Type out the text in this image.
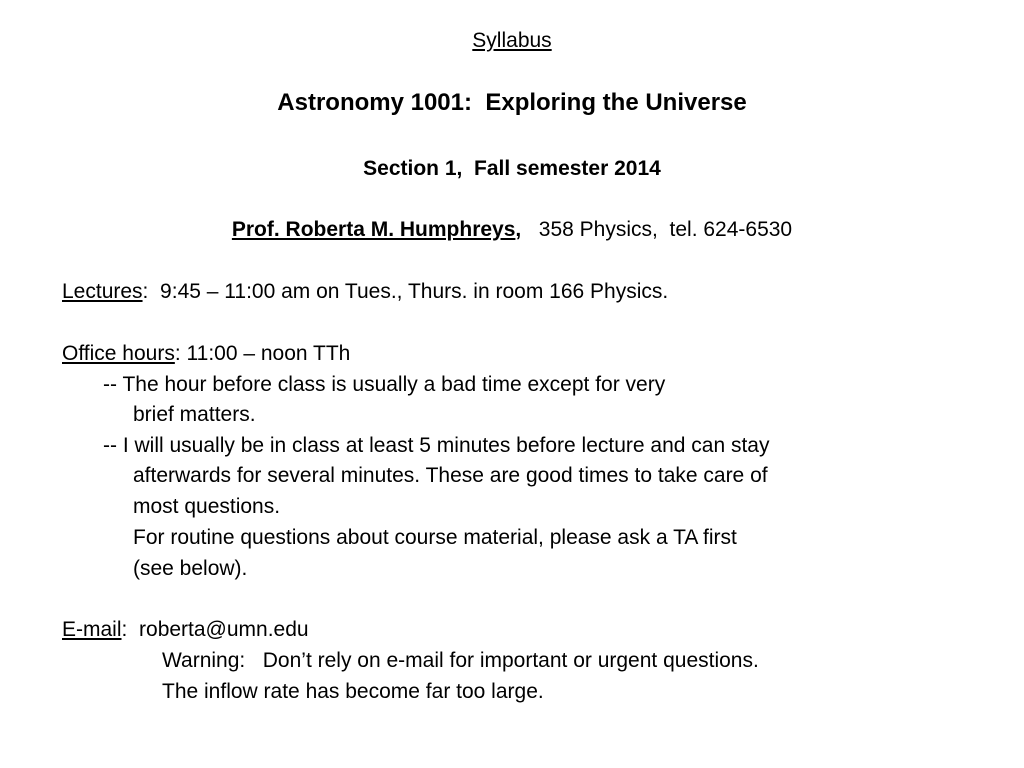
Syllabus
Astronomy 1001:  Exploring the Universe
Section 1,  Fall semester 2014
Prof. Roberta M. Humphreys, 358 Physics,  tel. 624-6530
Lectures:  9:45 – 11:00 am on Tues., Thurs. in room 166 Physics.
Office hours: 11:00 – noon TTh
-- The hour before class is usually a bad time except for very
brief matters.
-- I will usually be in class at least 5 minutes before lecture and can stay
afterwards for several minutes. These are good times to take care of
most questions.
For routine questions about course material, please ask a TA first
(see below).
E-mail:  roberta@umn.edu
Warning:   Don’t rely on e-mail for important or urgent questions.
The inflow rate has become far too large.
